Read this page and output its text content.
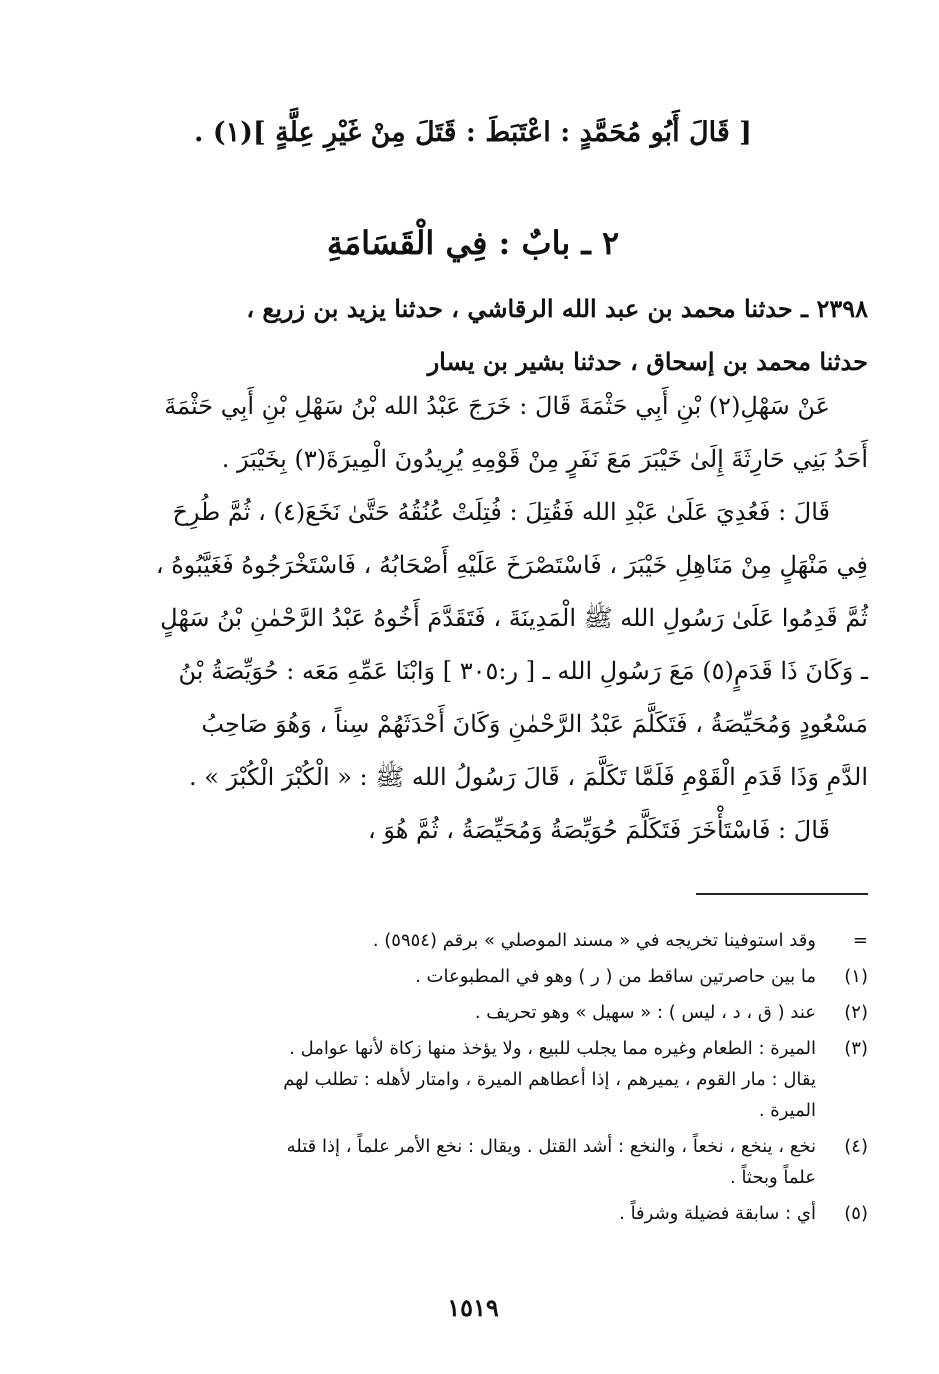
[ قَالَ أَبُو مُحَمَّدٍ : اعْتَبَطَ : قَتَلَ مِنْ غَيْرِ عِلَّةٍ ](١) .
٢ ـ بابٌ : فِي الْقَسَامَةِ

٢٣٩٨ ـ حدثنا محمد بن عبد الله الرقاشي ، حدثنا يزيد بن زريع ،

حدثنا محمد بن إسحاق ، حدثنا بشير بن يسار

عَنْ سَهْلِ(٢) بْنِ أَبِي حَثْمَةَ قَالَ : خَرَجَ عَبْدُ الله بْنُ سَهْلِ بْنِ أَبِي حَثْمَةَ

أَحَدُ بَنِي حَارِثَةَ إِلَىٰ خَيْبَرَ مَعَ نَفَرٍ مِنْ قَوْمِهِ يُرِيدُونَ الْمِيرَةَ(٣) بِخَيْبَرَ .

قَالَ : فَعُدِيَ عَلَىٰ عَبْدِ الله فَقُتِلَ : فُتِلَتْ عُنُقُهُ حَتَّىٰ نَخَعَ(٤) ، ثُمَّ طُرِحَ

فِي مَنْهَلٍ مِنْ مَنَاهِلِ خَيْبَرَ ، فَاسْتَصْرَخَ عَلَيْهِ أَصْحَابُهُ ، فَاسْتَخْرَجُوهُ فَغَيَّبُوهُ ،

ثُمَّ قَدِمُوا عَلَىٰ رَسُولِ الله ﷺ الْمَدِينَةَ ، فَتَقَدَّمَ أَخُوهُ عَبْدُ الرَّحْمٰنِ بْنُ سَهْلٍ

ـ وَكَانَ ذَا قَدَمٍ(٥) مَعَ رَسُولِ الله ـ [ ر:٣٠٥ ] وَابْنَا عَمِّهِ مَعَه : حُوَيِّصَةُ بْنُ

مَسْعُودٍ وَمُحَيِّصَةُ ، فَتَكَلَّمَ عَبْدُ الرَّحْمٰنِ وَكَانَ أَحْدَثَهُمْ سِناً ، وَهُوَ صَاحِبُ

الدَّمِ وَذَا قَدَمِ الْقَوْمِ فَلَمَّا تَكَلَّمَ ، قَالَ رَسُولُ الله ﷺ : « الْكُبْرَ الْكُبْرَ » .

قَالَ : فَاسْتَأْخَرَ فَتَكَلَّمَ حُوَيِّصَةُ وَمُحَيِّصَةُ ، ثُمَّ هُوَ ،

=
وقد استوفينا تخريجه في « مسند الموصلي » برقم (٥٩٥٤) .
(١)
ما بين حاصرتين ساقط من ( ر ) وهو في المطبوعات .
(٢)
عند ( ق ، د ، ليس ) : « سهيل » وهو تحريف .
(٣)
الميرة : الطعام وغيره مما يجلب للبيع ، ولا يؤخذ منها زكاة لأنها عوامل .
يقال : مار القوم ، يميرهم ، إذا أعطاهم الميرة ، وامتار لأهله : تطلب لهم
الميرة .
(٤)
نخع ، ينخع ، نخعاً ، والنخع : أشد القتل . ويقال : نخع الأمر علماً ، إذا قتله
علماً وبحثاً .
(٥)
أي : سابقة فضيلة وشرفاً .
١٥١٩
